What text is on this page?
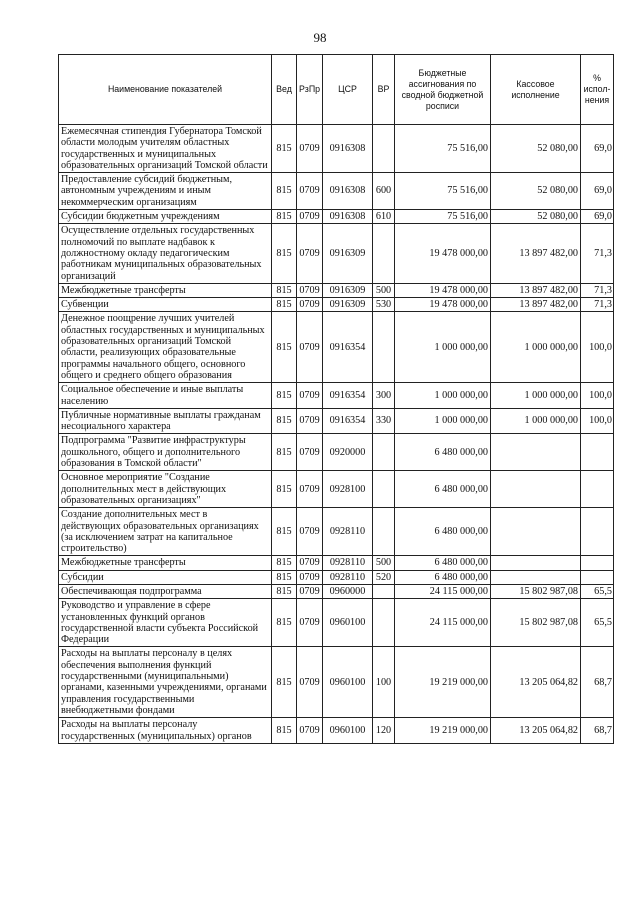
98
Наименование показателей	Вед	РзПр	ЦСР	ВР	Бюджетные ассигнования по сводной бюджетной росписи	Кассовое исполнение	% испол-нения
Ежемесячная стипендия Губернатора Томской области молодым учителям областных государственных и муниципальных образовательных организаций Томской области	815	0709	0916308		75 516,00	52 080,00	69,0
Предоставление субсидий бюджетным, автономным учреждениям и иным некоммерческим организациям	815	0709	0916308	600	75 516,00	52 080,00	69,0
Субсидии бюджетным учреждениям	815	0709	0916308	610	75 516,00	52 080,00	69,0
Осуществление отдельных государственных полномочий по выплате надбавок к должностному окладу педагогическим работникам муниципальных образовательных организаций	815	0709	0916309		19 478 000,00	13 897 482,00	71,3
Межбюджетные трансферты	815	0709	0916309	500	19 478 000,00	13 897 482,00	71,3
Субвенции	815	0709	0916309	530	19 478 000,00	13 897 482,00	71,3
Денежное поощрение лучших учителей областных государственных и муниципальных образовательных организаций Томской области, реализующих образовательные программы начального общего, основного общего и среднего общего образования	815	0709	0916354		1 000 000,00	1 000 000,00	100,0
Социальное обеспечение и иные выплаты населению	815	0709	0916354	300	1 000 000,00	1 000 000,00	100,0
Публичные нормативные выплаты гражданам несоциального характера	815	0709	0916354	330	1 000 000,00	1 000 000,00	100,0
Подпрограмма "Развитие инфраструктуры дошкольного, общего и дополнительного образования в Томской области"	815	0709	0920000		6 480 000,00		
Основное мероприятие "Создание дополнительных мест в действующих образовательных организациях"	815	0709	0928100		6 480 000,00		
Создание дополнительных мест в действующих образовательных организациях (за исключением затрат на капитальное строительство)	815	0709	0928110		6 480 000,00		
Межбюджетные трансферты	815	0709	0928110	500	6 480 000,00		
Субсидии	815	0709	0928110	520	6 480 000,00		
Обеспечивающая подпрограмма	815	0709	0960000		24 115 000,00	15 802 987,08	65,5
Руководство и управление в сфере установленных функций органов государственной власти субъекта Российской Федерации	815	0709	0960100		24 115 000,00	15 802 987,08	65,5
Расходы на выплаты персоналу в целях обеспечения выполнения функций государственными (муниципальными) органами, казенными учреждениями, органами управления государственными внебюджетными фондами	815	0709	0960100	100	19 219 000,00	13 205 064,82	68,7
Расходы на выплаты персоналу государственных (муниципальных) органов	815	0709	0960100	120	19 219 000,00	13 205 064,82	68,7
